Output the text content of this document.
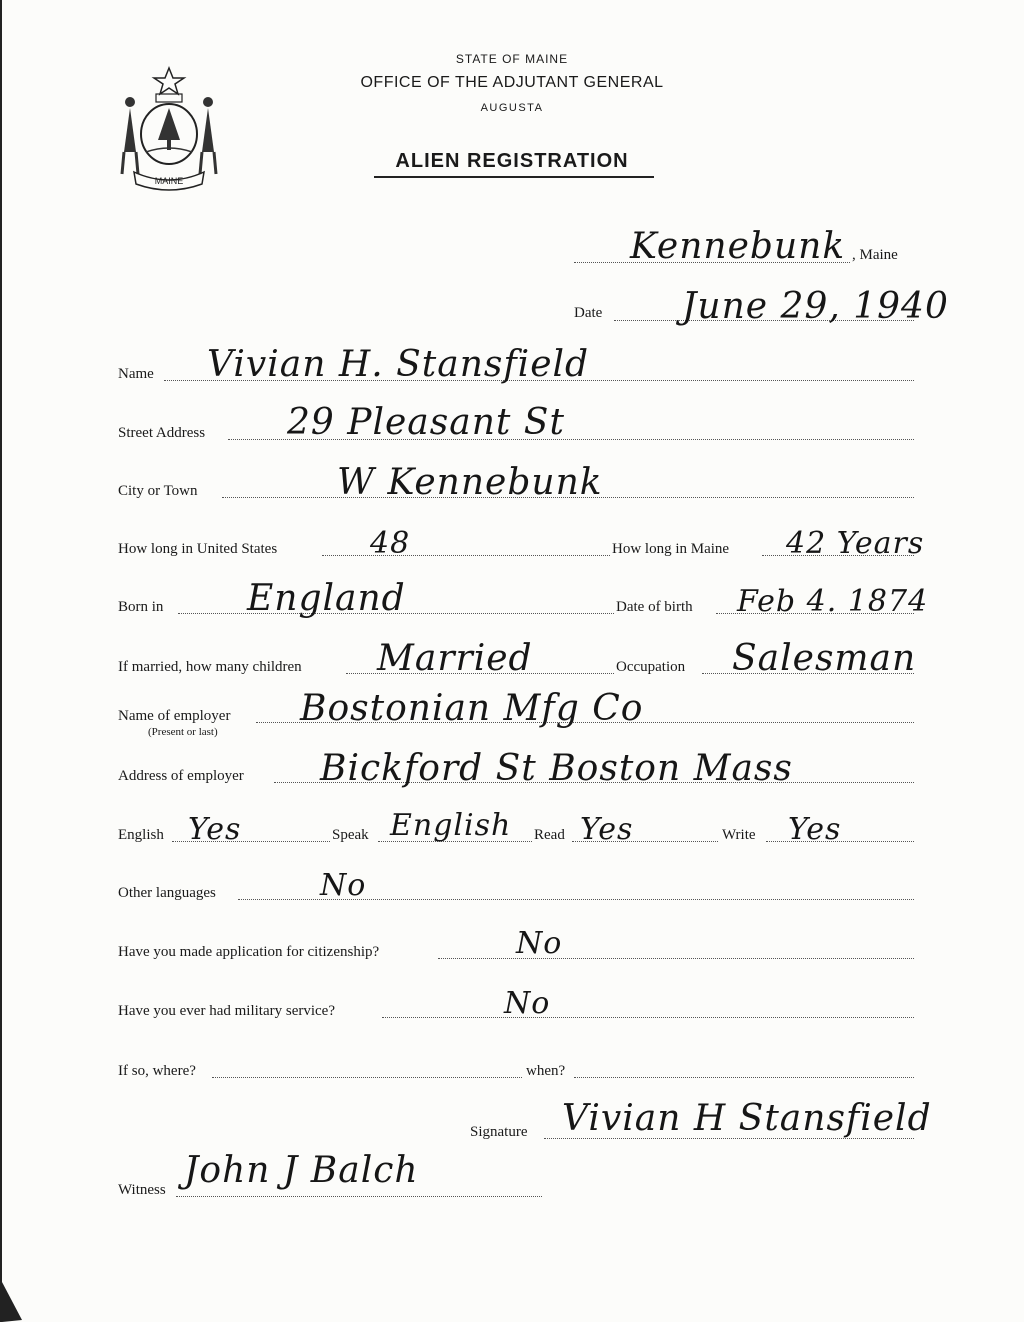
MAINE
STATE OF MAINE
OFFICE OF THE ADJUTANT GENERAL
AUGUSTA
ALIEN REGISTRATION
Kennebunk , Maine
Date June 29, 1940
Name Vivian H. Stansfield
Street Address 29 Pleasant St
City or Town	W Kennebunk
How long in United States	48	How long in Maine 42 Years
Born in England	Date of birth Feb 4. 1874
If married, how many children Married	Occupation Salesman
Name of employer
(Present or last)
Bostonian Mfg Co
Address of employer Bickford St Boston Mass
English Yes	Speak English Read Yes	Write Yes
Other languages	No
Have you made application for citizenship?	No
Have you ever had military service?	No
If so, where?	when?
Signature Vivian H Stansfield
Witness John J Balch
